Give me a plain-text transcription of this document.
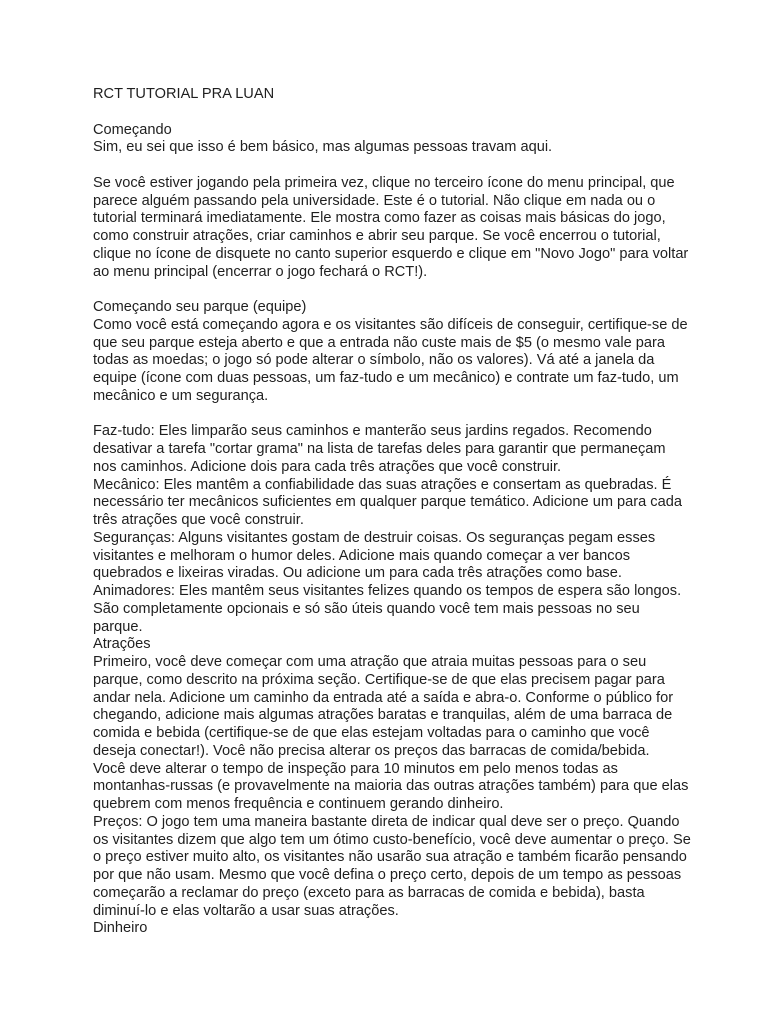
RCT TUTORIAL PRA LUAN

Começando

Sim, eu sei que isso é bem básico, mas algumas pessoas travam aqui.

Se você estiver jogando pela primeira vez, clique no terceiro ícone do menu principal, que parece alguém passando pela universidade. Este é o tutorial. Não clique em nada ou o tutorial terminará imediatamente. Ele mostra como fazer as coisas mais básicas do jogo, como construir atrações, criar caminhos e abrir seu parque. Se você encerrou o tutorial, clique no ícone de disquete no canto superior esquerdo e clique em "Novo Jogo" para voltar ao menu principal (encerrar o jogo fechará o RCT!).

Começando seu parque (equipe)

Como você está começando agora e os visitantes são difíceis de conseguir, certifique-se de que seu parque esteja aberto e que a entrada não custe mais de $5 (o mesmo vale para todas as moedas; o jogo só pode alterar o símbolo, não os valores). Vá até a janela da equipe (ícone com duas pessoas, um faz-tudo e um mecânico) e contrate um faz-tudo, um mecânico e um segurança.

Faz-tudo: Eles limparão seus caminhos e manterão seus jardins regados. Recomendo desativar a tarefa "cortar grama" na lista de tarefas deles para garantir que permaneçam nos caminhos. Adicione dois para cada três atrações que você construir.

Mecânico: Eles mantêm a confiabilidade das suas atrações e consertam as quebradas. É necessário ter mecânicos suficientes em qualquer parque temático. Adicione um para cada três atrações que você construir.

Seguranças: Alguns visitantes gostam de destruir coisas. Os seguranças pegam esses visitantes e melhoram o humor deles. Adicione mais quando começar a ver bancos quebrados e lixeiras viradas. Ou adicione um para cada três atrações como base.

Animadores: Eles mantêm seus visitantes felizes quando os tempos de espera são longos. São completamente opcionais e só são úteis quando você tem mais pessoas no seu parque.

Atrações

Primeiro, você deve começar com uma atração que atraia muitas pessoas para o seu parque, como descrito na próxima seção. Certifique-se de que elas precisem pagar para andar nela. Adicione um caminho da entrada até a saída e abra-o. Conforme o público for chegando, adicione mais algumas atrações baratas e tranquilas, além de uma barraca de comida e bebida (certifique-se de que elas estejam voltadas para o caminho que você deseja conectar!). Você não precisa alterar os preços das barracas de comida/bebida.

Você deve alterar o tempo de inspeção para 10 minutos em pelo menos todas as montanhas-russas (e provavelmente na maioria das outras atrações também) para que elas quebrem com menos frequência e continuem gerando dinheiro.

Preços: O jogo tem uma maneira bastante direta de indicar qual deve ser o preço. Quando os visitantes dizem que algo tem um ótimo custo-benefício, você deve aumentar o preço. Se o preço estiver muito alto, os visitantes não usarão sua atração e também ficarão pensando por que não usam. Mesmo que você defina o preço certo, depois de um tempo as pessoas começarão a reclamar do preço (exceto para as barracas de comida e bebida), basta diminuí-lo e elas voltarão a usar suas atrações.

Dinheiro
